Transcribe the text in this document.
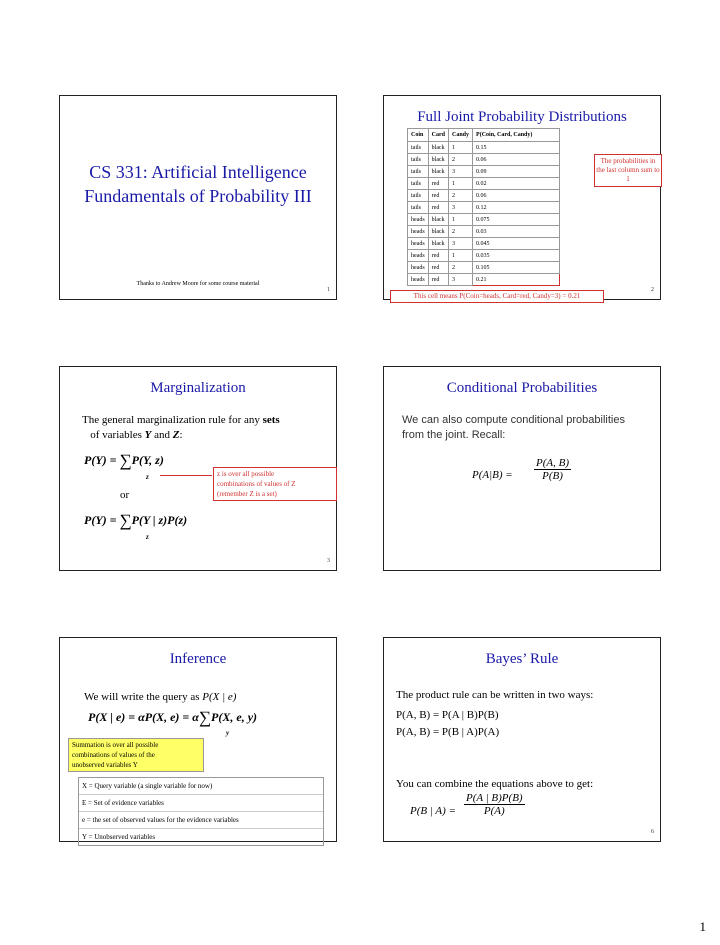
CS 331: Artificial Intelligence
Fundamentals of Probability III
Thanks to Andrew Moore for some course material
1
Full Joint Probability Distributions
Coin	Card	Candy	P(Coin, Card, Candy)
tails	black	1	0.15
tails	black	2	0.06
tails	black	3	0.09
tails	red	1	0.02
tails	red	2	0.06
tails	red	3	0.12
heads	black	1	0.075
heads	black	2	0.03
heads	black	3	0.045
heads	red	1	0.035
heads	red	2	0.105
heads	red	3	0.21
The probabilities in the last column sum to 1
2
This cell means P(Coin=heads, Card=red, Candy=3) = 0.21
Marginalization
The general marginalization rule for any sets
of variables Y and Z:
P(Y) = ∑P(Y, z)
z
or
P(Y) = ∑P(Y | z)P(z)
z
z is over all possible
combinations of values of Z
(remember Z is a set)
3
Conditional Probabilities
We can also compute conditional probabilities
from the joint. Recall:
$P(A|B) = \frac{P(A, B)}{P(B)}$
Inference
We will write the query as P(X | e)
P(X | e) = αP(X, e) = α∑P(X, e, y)
y
Summation is over all possible
combinations of values of the
unobserved variables Y
X = Query variable (a single variable for now)
E = Set of evidence variables
e = the set of observed values for the evidence variables
Y = Unobserved variables
Bayes’ Rule
The product rule can be written in two ways:
P(A, B) = P(A | B)P(B)
P(A, B) = P(B | A)P(A)
You can combine the equations above to get:
P(B | $A) = \frac{P(A | B)P(B)}{P(A)}$
6
1
